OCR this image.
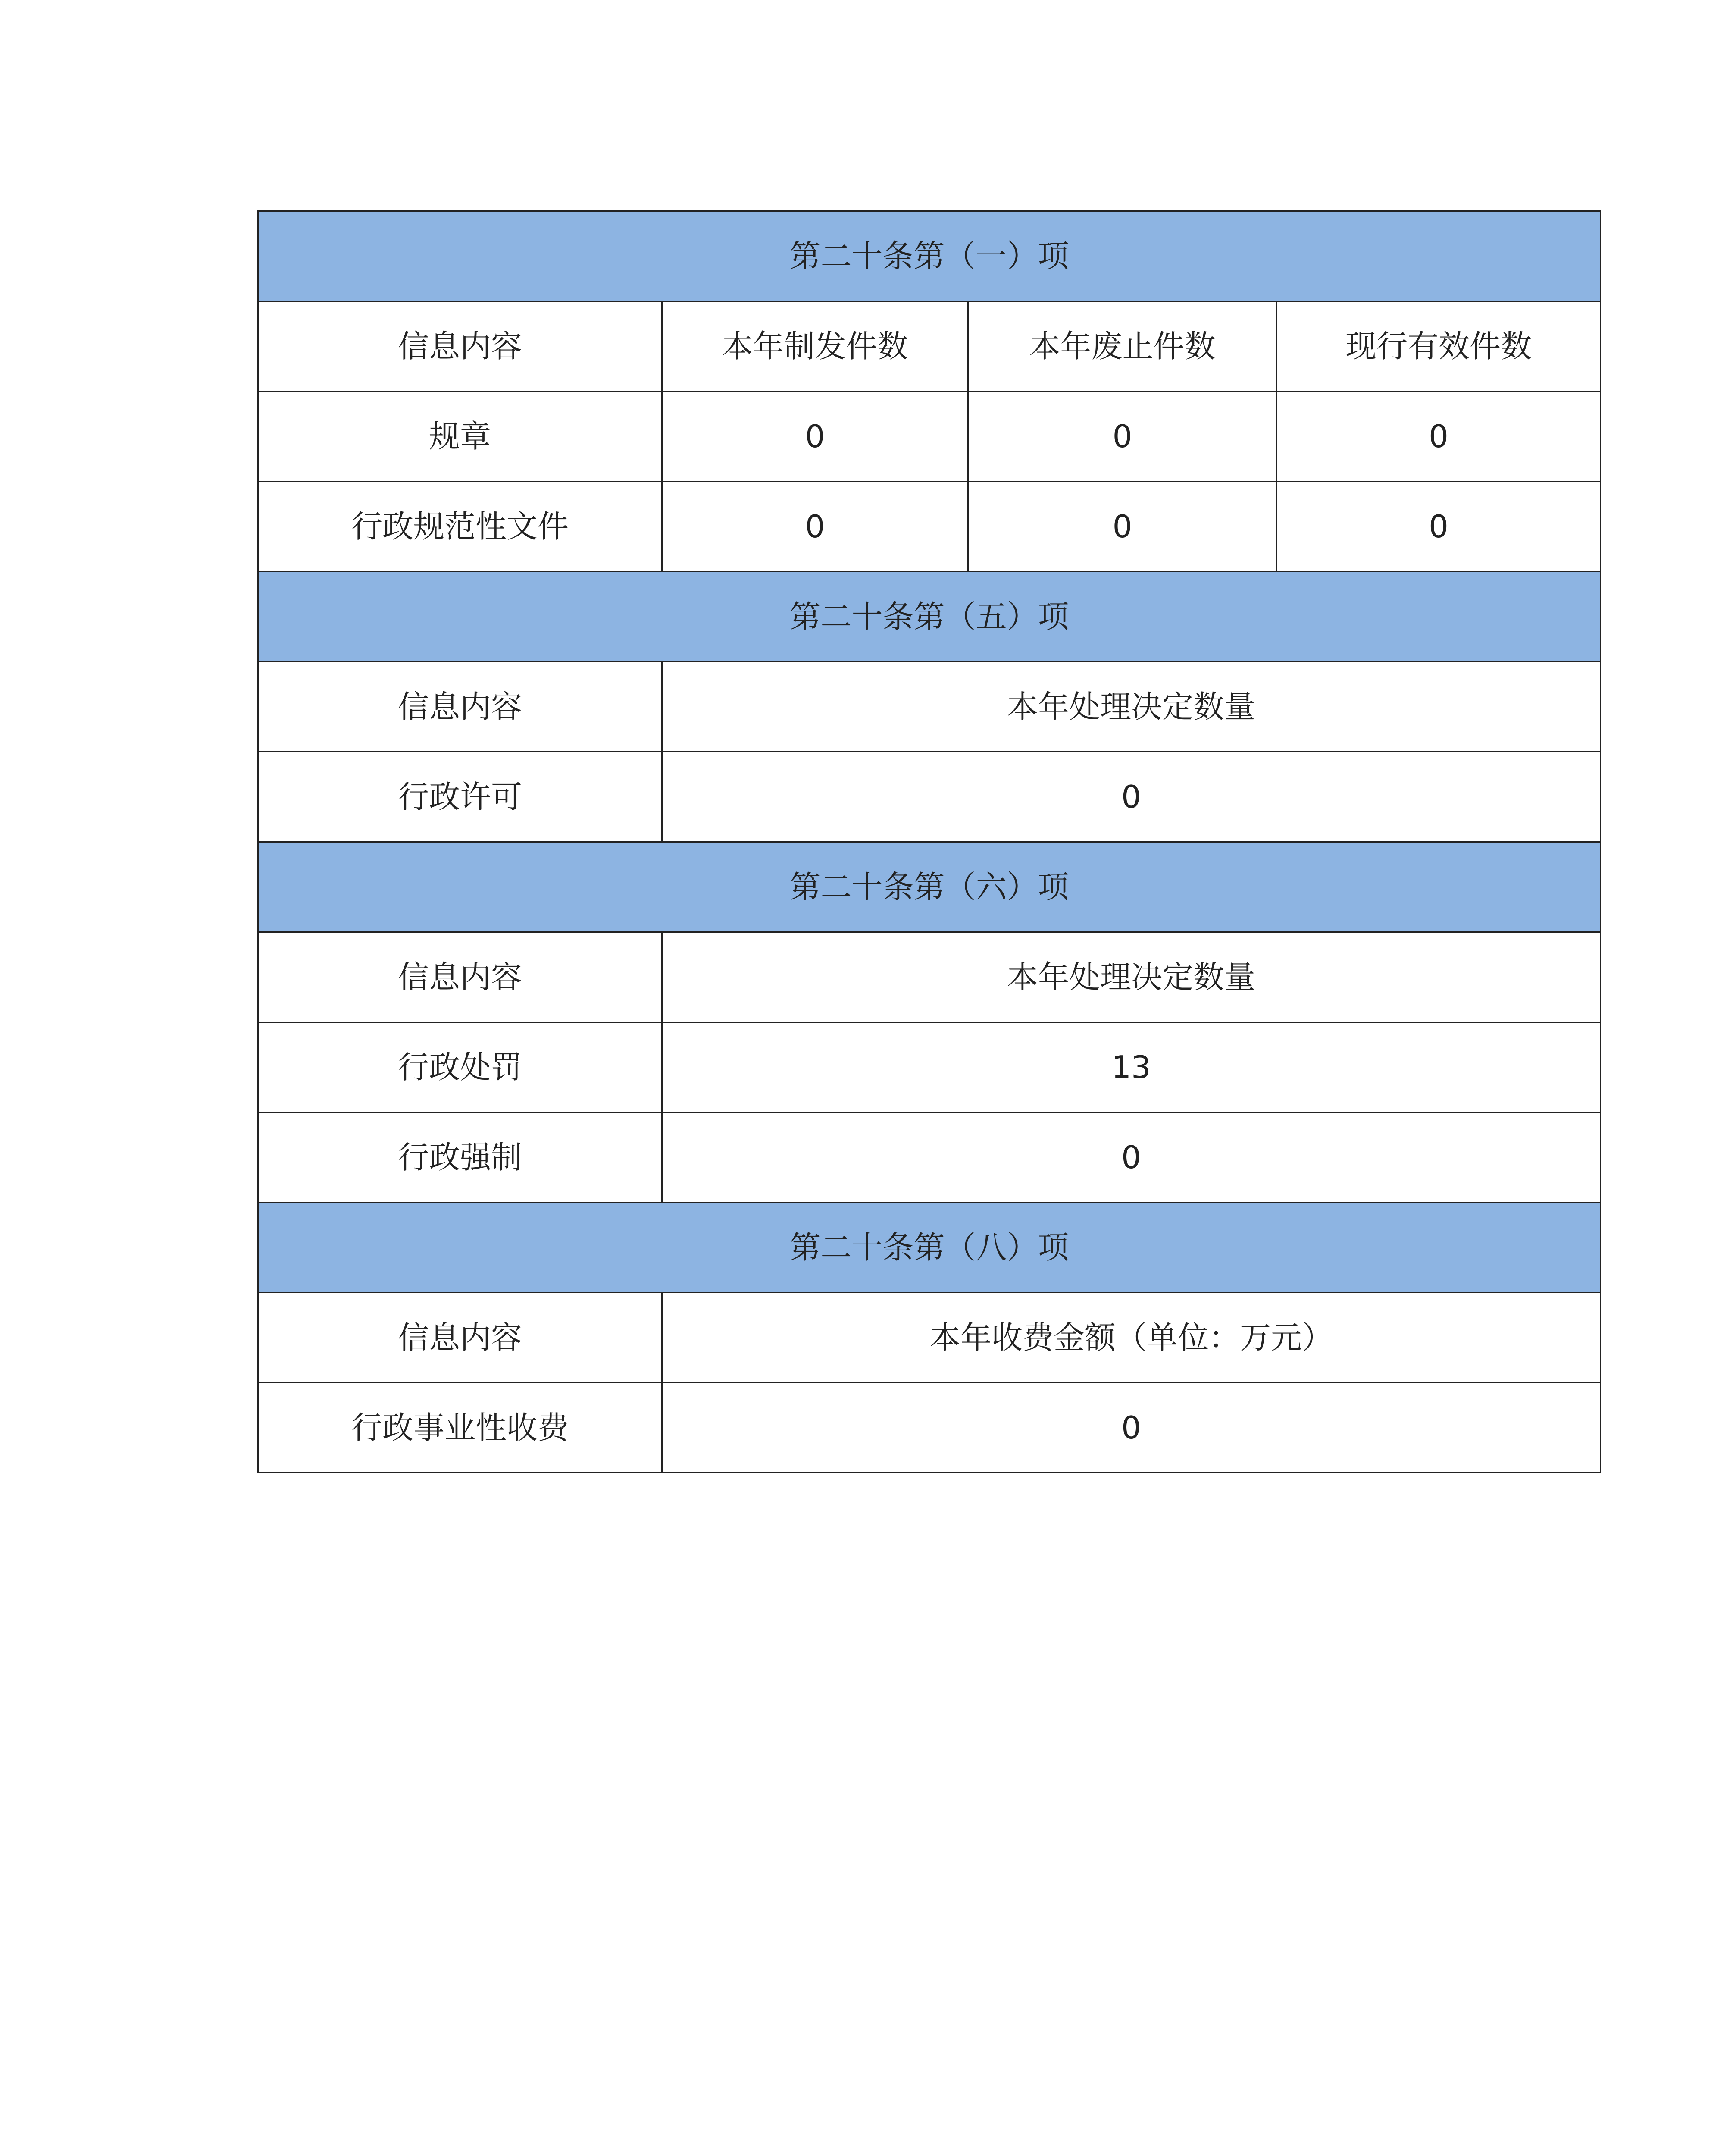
第二十条第（一）项			
信息内容	本年制发件数	本年废止件数	现行有效件数
规章	0	0	0
行政规范性文件	0	0	0
第二十条第（五）项			
信息内容	本年处理决定数量		
行政许可	0		
第二十条第（六）项			
信息内容	本年处理决定数量		
行政处罚	13		
行政强制	0		
第二十条第（八）项			
信息内容	本年收费金额（单位：万元）		
行政事业性收费	0		
